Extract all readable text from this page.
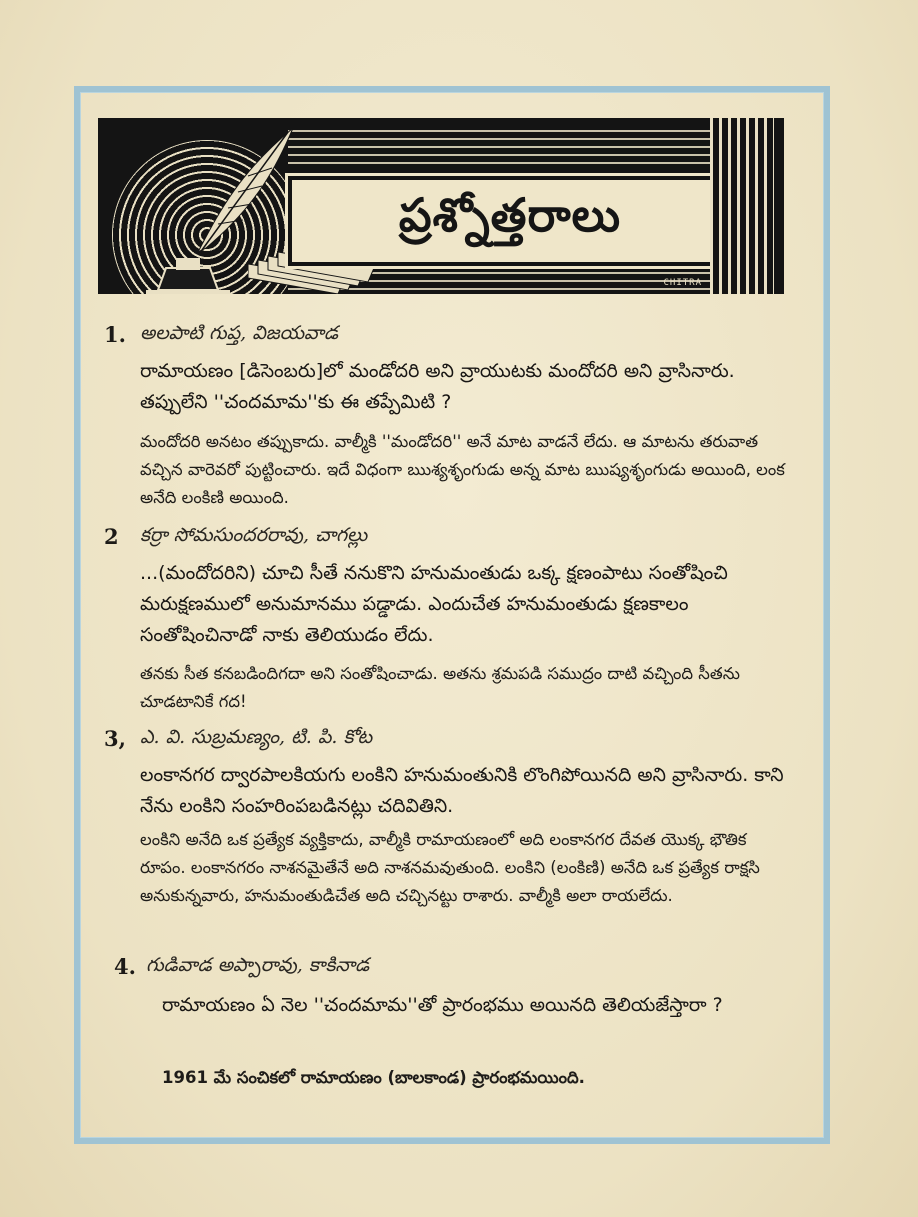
ప్రశ్నోత్తరాలు
CHITRA
1. అలపాటి గుప్త, విజయవాడ
రామాయణం [డిసెంబరు]లో మండోదరి అని వ్రాయుటకు మందోదరి అని వ్రాసినారు. తప్పులేని ''చందమామ''కు ఈ తప్పేమిటి ?
మందోదరి అనటం తప్పుకాదు. వాల్మీకి ''మండోదరి'' అనే మాట వాడనే లేదు. ఆ మాటను తరువాత వచ్చిన వారెవరో పుట్టించారు. ఇదే విధంగా ఋశ్యశృంగుడు అన్న మాట ఋష్యశృంగుడు అయింది, లంక అనేది లంకిణి అయింది.
2 కర్రా సోమసుందరరావు, చాగల్లు
...(మందోదరిని) చూచి సీతే ననుకొని హనుమంతుడు ఒక్క క్షణంపాటు సంతోషించి మరుక్షణములో అనుమానము పడ్డాడు. ఎందుచేత హనుమంతుడు క్షణకాలం సంతోషించినాడో నాకు తెలియుడం లేదు.
తనకు సీత కనబడిందిగదా అని సంతోషించాడు. అతను శ్రమపడి సముద్రం దాటి వచ్చింది సీతను చూడటానికే గద!
3, ఎ. వి. సుబ్రమణ్యం, టి. పి. కోట
లంకానగర ద్వారపాలకియగు లంకిని హనుమంతునికి లొంగిపోయినది అని వ్రాసినారు. కాని నేను లంకిని సంహరింపబడినట్లు చదివితిని.
లంకిని అనేది ఒక ప్రత్యేక వ్యక్తికాదు, వాల్మీకి రామాయణంలో అది లంకానగర దేవత యొక్క భౌతిక రూపం. లంకానగరం నాశనమైతేనే అది నాశనమవుతుంది. లంకిని (లంకిణి) అనేది ఒక ప్రత్యేక రాక్షసి అనుకున్నవారు, హనుమంతుడిచేత అది చచ్చినట్టు రాశారు. వాల్మీకి అలా రాయలేదు.
4. గుడివాడ అప్పారావు, కాకినాడ
రామాయణం ఏ నెల ''చందమామ''తో ప్రారంభము అయినది తెలియజేస్తారా ?
1961 మే సంచికలో రామాయణం (బాలకాండ) ప్రారంభమయింది.
